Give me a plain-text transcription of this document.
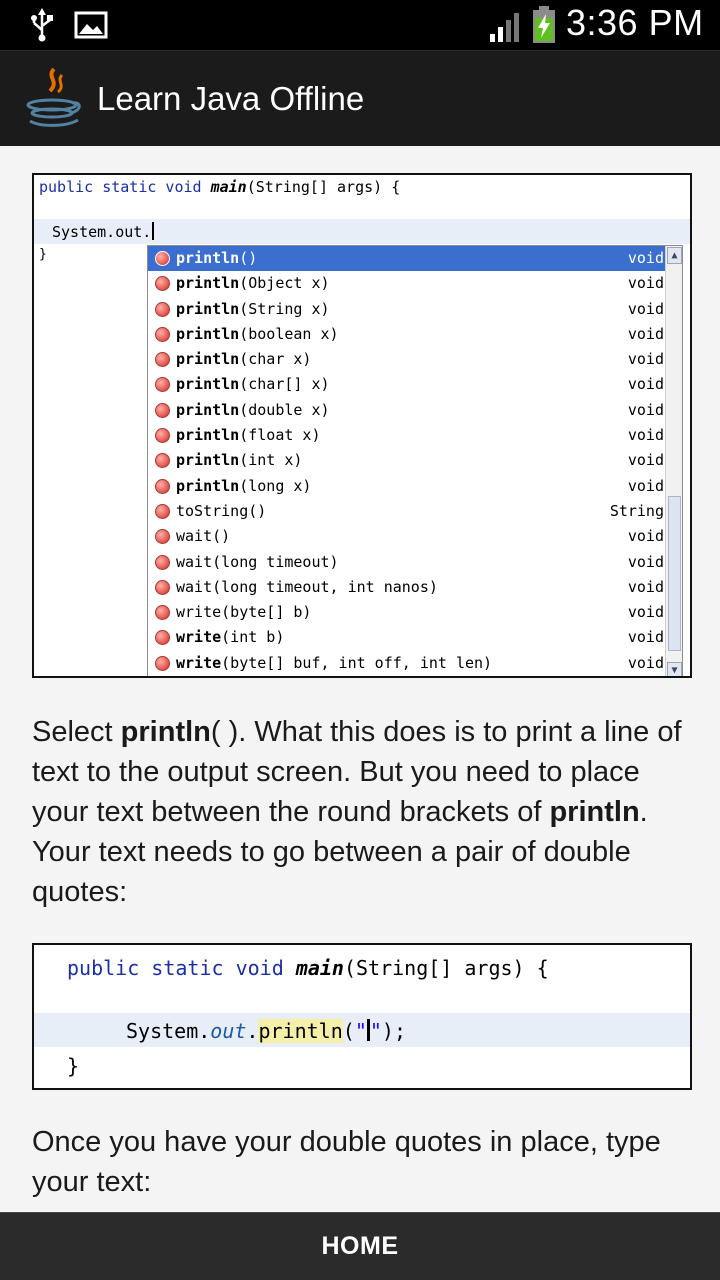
3:36 PM
Learn Java Offline
public static void main(String[] args) {
System.out.
}	println()	void
println(Object x)	void
println(String x)	void
println(boolean x)	void
println(char x)	void
println(char[] x)	void
println(double x)	void
println(float x)	void
println(int x)	void
println(long x)	void
toString()	String
wait()	void
wait(long timeout)	void
wait(long timeout, int nanos)	void
write(byte[] b)	void
write(int b)	void
write(byte[] buf, int off, int len)	void
▲
▼
Select println( ). What this does is to print a line of text to the output screen. But you need to place your text between the round brackets of println. Your text needs to go between a pair of double quotes:
public static void main(String[] args) {
System.out.println(" ");
}
Once you have your double quotes in place, type your text:
HOME
